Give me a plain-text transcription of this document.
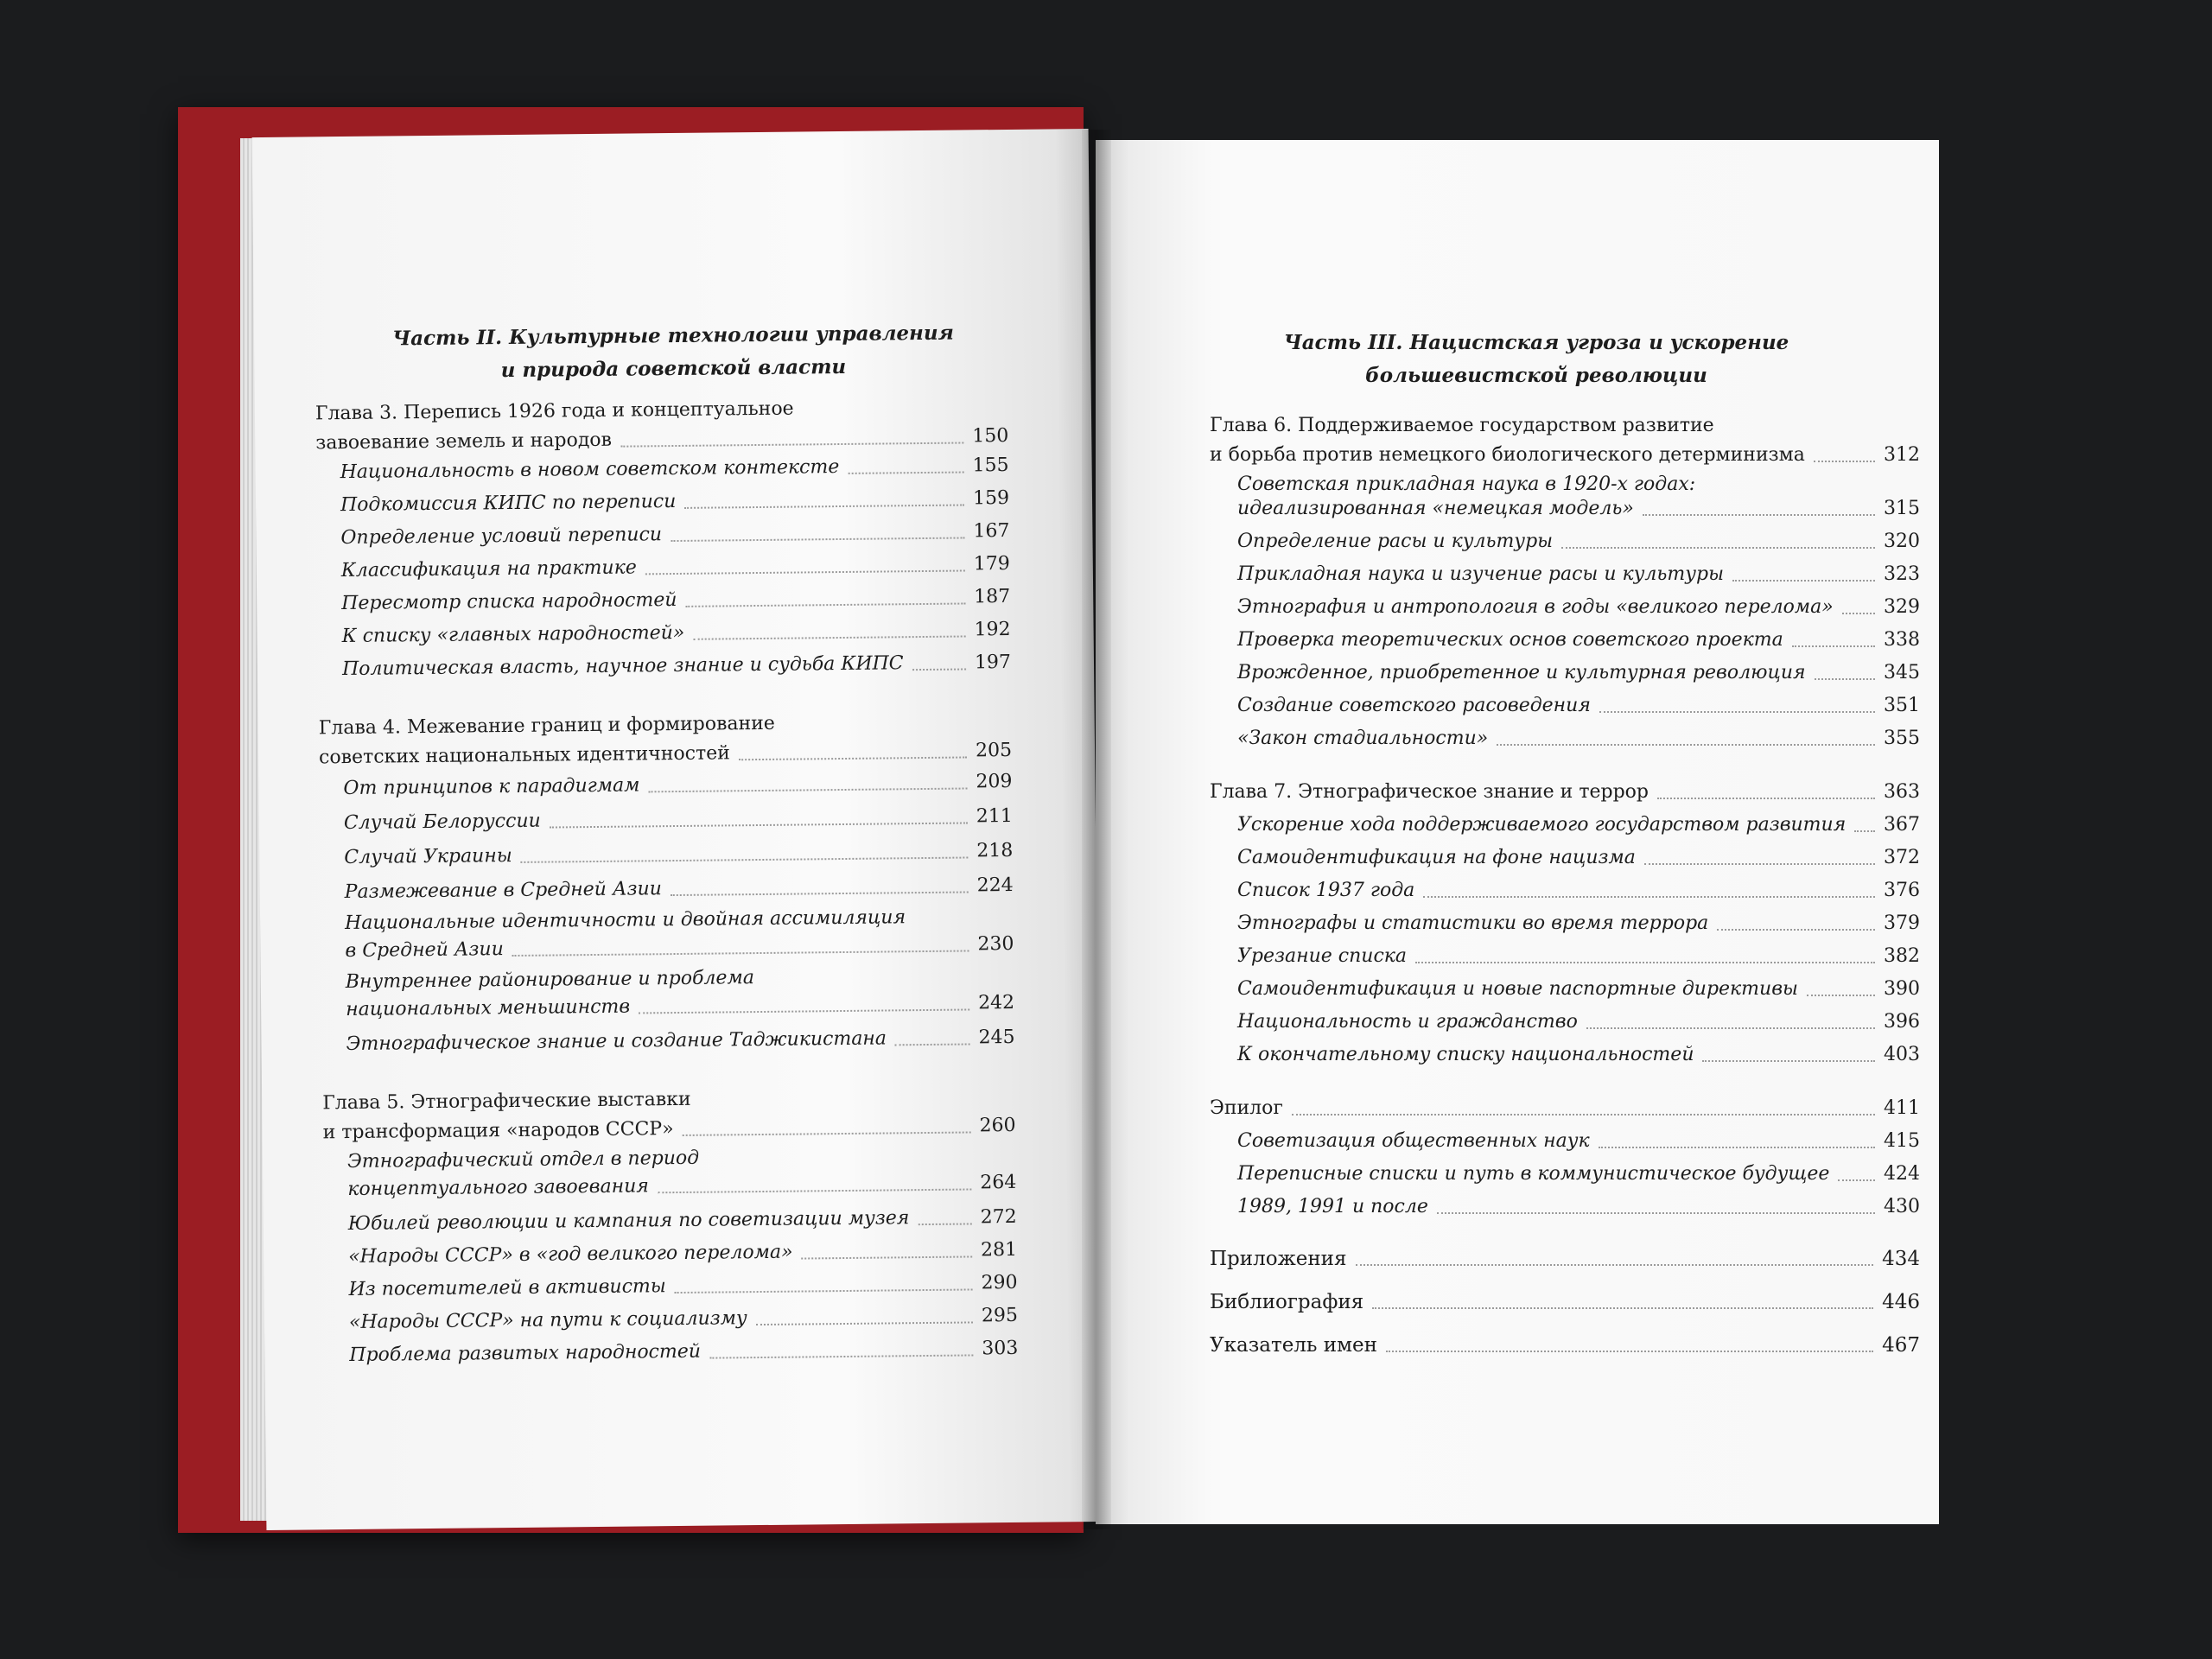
Часть II. Культурные технологии управления
и природа советской власти
Глава 3. Перепись 1926 года и концептуальное
завоевание земель и народов	150
Национальность в новом советском контексте	155
Подкомиссия КИПС по переписи	159
Определение условий переписи	167
Классификация на практике	179
Пересмотр списка народностей	187
К списку «главных народностей»	192
Политическая власть, научное знание и судьба КИПС	197
Глава 4. Межевание границ и формирование
советских национальных идентичностей	205
От принципов к парадигмам	209
Случай Белоруссии	211
Случай Украины	218
Размежевание в Средней Азии	224
Национальные идентичности и двойная ассимиляция
в Средней Азии	230
Внутреннее районирование и проблема
национальных меньшинств	242
Этнографическое знание и создание Таджикистана	245
Глава 5. Этнографические выставки
и трансформация «народов СССР»	260
Этнографический отдел в период
концептуального завоевания	264
Юбилей революции и кампания по советизации музея	272
«Народы СССР» в «год великого перелома»	281
Из посетителей в активисты	290
«Народы СССР» на пути к социализму	295
Проблема развитых народностей	303
Часть III. Нацистская угроза и ускорение
большевистской революции
Глава 6. Поддерживаемое государством развитие
и борьба против немецкого биологического детерминизма	312
Советская прикладная наука в 1920-х годах:
идеализированная «немецкая модель»	315
Определение расы и культуры	320
Прикладная наука и изучение расы и культуры	323
Этнография и антропология в годы «великого перелома»	329
Проверка теоретических основ советского проекта	338
Врожденное, приобретенное и культурная революция	345
Создание советского расоведения	351
«Закон стадиальности»	355
Глава 7. Этнографическое знание и террор	363
Ускорение хода поддерживаемого государством развития 367
Самоидентификация на фоне нацизма	372
Список 1937 года	376
Этнографы и статистики во время террора	379
Урезание списка	382
Самоидентификация и новые паспортные директивы	390
Национальность и гражданство	396
К окончательному списку национальностей	403
Эпилог	411
Советизация общественных наук	415
Переписные списки и путь в коммунистическое будущее	424
1989, 1991 и после	430
Приложения	434
Библиография	446
Указатель имен	467
